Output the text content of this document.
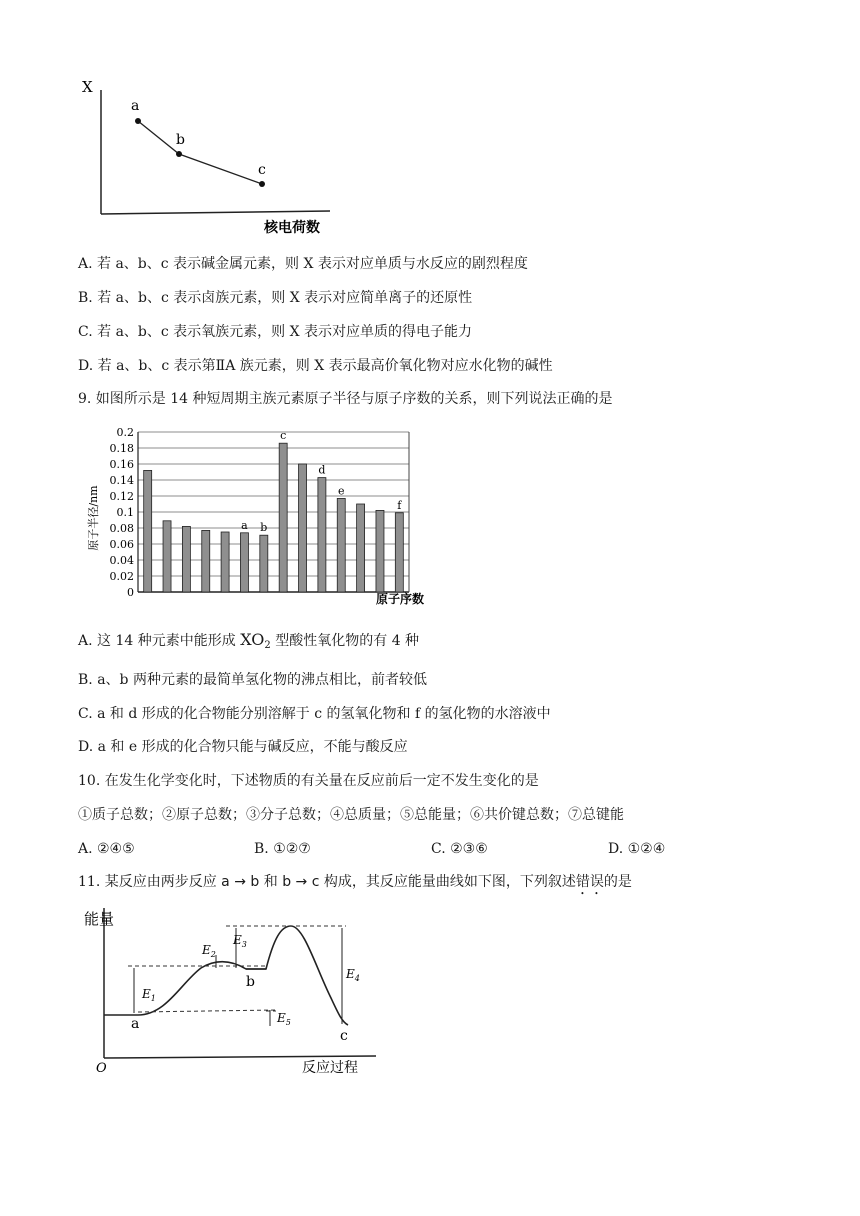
X
核电荷数
a
b
c
A. 若 a、b、c 表示碱金属元素，则 X 表示对应单质与水反应的剧烈程度
B. 若 a、b、c 表示卤族元素，则 X 表示对应简单离子的还原性
C. 若 a、b、c 表示氧族元素，则 X 表示对应单质的得电子能力
D. 若 a、b、c 表示第ⅡA 族元素，则 X 表示最高价氧化物对应水化物的碱性
9. 如图所示是 14 种短周期主族元素原子半径与原子序数的关系，则下列说法正确的是
原子半径/nm
原子序数
0
0.02
0.04
0.06
0.08
0.1
0.12
0.14
0.16
0.18
0.2
a b
c
d
e
f
A. 这 14 种元素中能形成 $XO_2$ 型酸性氧化物的有 4 种
B. a、b 两种元素的最简单氢化物的沸点相比，前者较低
C. a 和 d 形成的化合物能分别溶解于 c 的氢氧化物和 f 的氢化物的水溶液中
D. a 和 e 形成的化合物只能与碱反应，不能与酸反应
10. 在发生化学变化时，下述物质的有关量在反应前后一定不发生变化的是
①质子总数；②原子总数；③分子总数；④总质量；⑤总能量；⑥共价键总数；⑦总键能
A. ②④⑤	B. ①②⑦	C. ②③⑥	D. ①②④
11. 某反应由两步反应 a → b 和 b → c 构成，其反应能量曲线如下图，下列叙述错误的是
能量
O	反应过程
$E_1$
$E_2$
$E_3$
$E_4$
$E_5$
a
b
c
